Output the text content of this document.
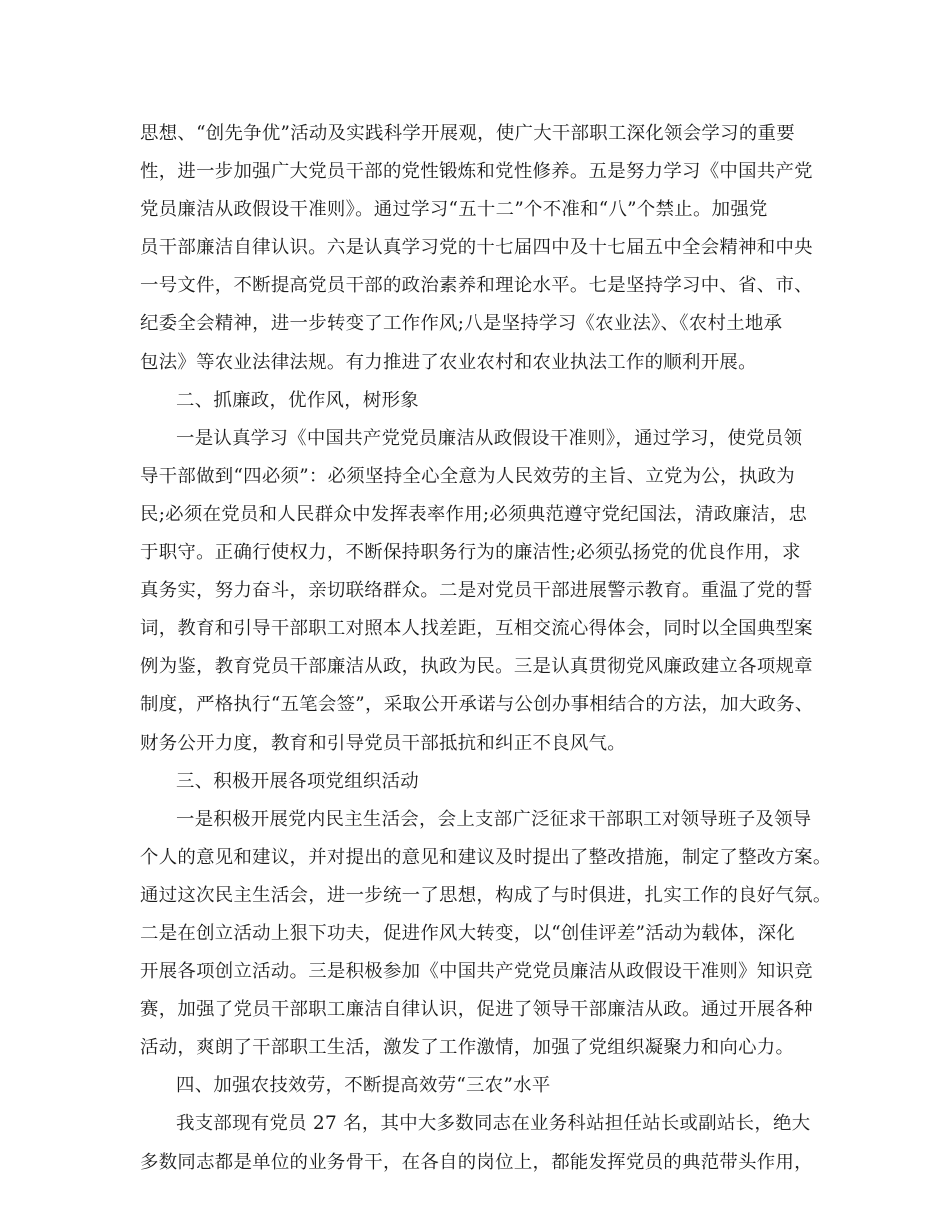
思想、“创先争优”活动及实践科学开展观，使广大干部职工深化领会学习的重要
性，进一步加强广大党员干部的党性锻炼和党性修养。五是努力学习《中国共产党
党员廉洁从政假设干准则》。通过学习“五十二”个不准和“八”个禁止。加强党
员干部廉洁自律认识。六是认真学习党的十七届四中及十七届五中全会精神和中央
一号文件，不断提高党员干部的政治素养和理论水平。七是坚持学习中、省、市、
纪委全会精神，进一步转变了工作作风;八是坚持学习《农业法》、《农村土地承
包法》等农业法律法规。有力推进了农业农村和农业执法工作的顺利开展。

二、抓廉政，优作风，树形象

一是认真学习《中国共产党党员廉洁从政假设干准则》，通过学习，使党员领

导干部做到“四必须”：必须坚持全心全意为人民效劳的主旨、立党为公，执政为
民;必须在党员和人民群众中发挥表率作用;必须典范遵守党纪国法，清政廉洁，忠
于职守。正确行使权力，不断保持职务行为的廉洁性;必须弘扬党的优良作用，求
真务实，努力奋斗，亲切联络群众。二是对党员干部进展警示教育。重温了党的誓
词，教育和引导干部职工对照本人找差距，互相交流心得体会，同时以全国典型案
例为鉴，教育党员干部廉洁从政，执政为民。三是认真贯彻党风廉政建立各项规章
制度，严格执行“五笔会签”，采取公开承诺与公创办事相结合的方法，加大政务、
财务公开力度，教育和引导党员干部抵抗和纠正不良风气。

三、积极开展各项党组织活动

一是积极开展党内民主生活会，会上支部广泛征求干部职工对领导班子及领导

个人的意见和建议，并对提出的意见和建议及时提出了整改措施，制定了整改方案。
通过这次民主生活会，进一步统一了思想，构成了与时俱进，扎实工作的良好气氛。
二是在创立活动上狠下功夫，促进作风大转变，以“创佳评差”活动为载体，深化
开展各项创立活动。三是积极参加《中国共产党党员廉洁从政假设干准则》知识竞
赛，加强了党员干部职工廉洁自律认识，促进了领导干部廉洁从政。通过开展各种
活动，爽朗了干部职工生活，激发了工作激情，加强了党组织凝聚力和向心力。

四、加强农技效劳，不断提高效劳“三农”水平

我支部现有党员 27 名，其中大多数同志在业务科站担任站长或副站长，绝大

多数同志都是单位的业务骨干，在各自的岗位上，都能发挥党员的典范带头作用，
